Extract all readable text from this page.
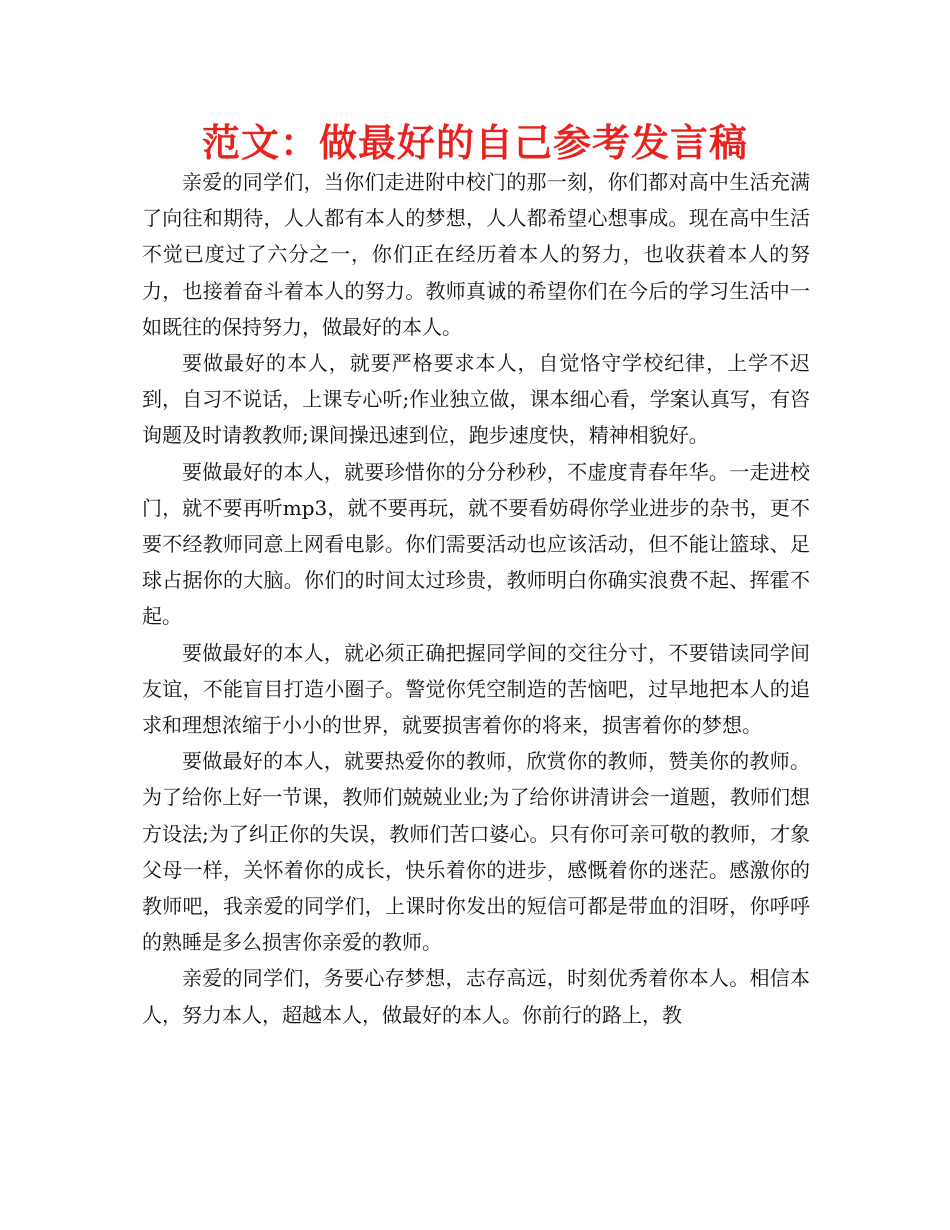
范文：做最好的自己参考发言稿

亲爱的同学们，当你们走进附中校门的那一刻，你们都对高中生活充满了向往和期待，人人都有本人的梦想，人人都希望心想事成。现在高中生活不觉已度过了六分之一，你们正在经历着本人的努力，也收获着本人的努力，也接着奋斗着本人的努力。教师真诚的希望你们在今后的学习生活中一如既往的保持努力，做最好的本人。

要做最好的本人，就要严格要求本人，自觉恪守学校纪律，上学不迟到，自习不说话，上课专心听;作业独立做，课本细心看，学案认真写，有咨询题及时请教教师;课间操迅速到位，跑步速度快，精神相貌好。

要做最好的本人，就要珍惜你的分分秒秒，不虚度青春年华。一走进校门，就不要再听mp3，就不要再玩，就不要看妨碍你学业进步的杂书，更不要不经教师同意上网看电影。你们需要活动也应该活动，但不能让篮球、足球占据你的大脑。你们的时间太过珍贵，教师明白你确实浪费不起、挥霍不起。

要做最好的本人，就必须正确把握同学间的交往分寸，不要错读同学间友谊，不能盲目打造小圈子。警觉你凭空制造的苦恼吧，过早地把本人的追求和理想浓缩于小小的世界，就要损害着你的将来，损害着你的梦想。

要做最好的本人，就要热爱你的教师，欣赏你的教师，赞美你的教师。为了给你上好一节课，教师们兢兢业业;为了给你讲清讲会一道题，教师们想方设法;为了纠正你的失误，教师们苦口婆心。只有你可亲可敬的教师，才象父母一样，关怀着你的成长，快乐着你的进步，感慨着你的迷茫。感激你的教师吧，我亲爱的同学们，上课时你发出的短信可都是带血的泪呀，你呼呼的熟睡是多么损害你亲爱的教师。

亲爱的同学们，务要心存梦想，志存高远，时刻优秀着你本人。相信本人，努力本人，超越本人，做最好的本人。你前行的路上，教
